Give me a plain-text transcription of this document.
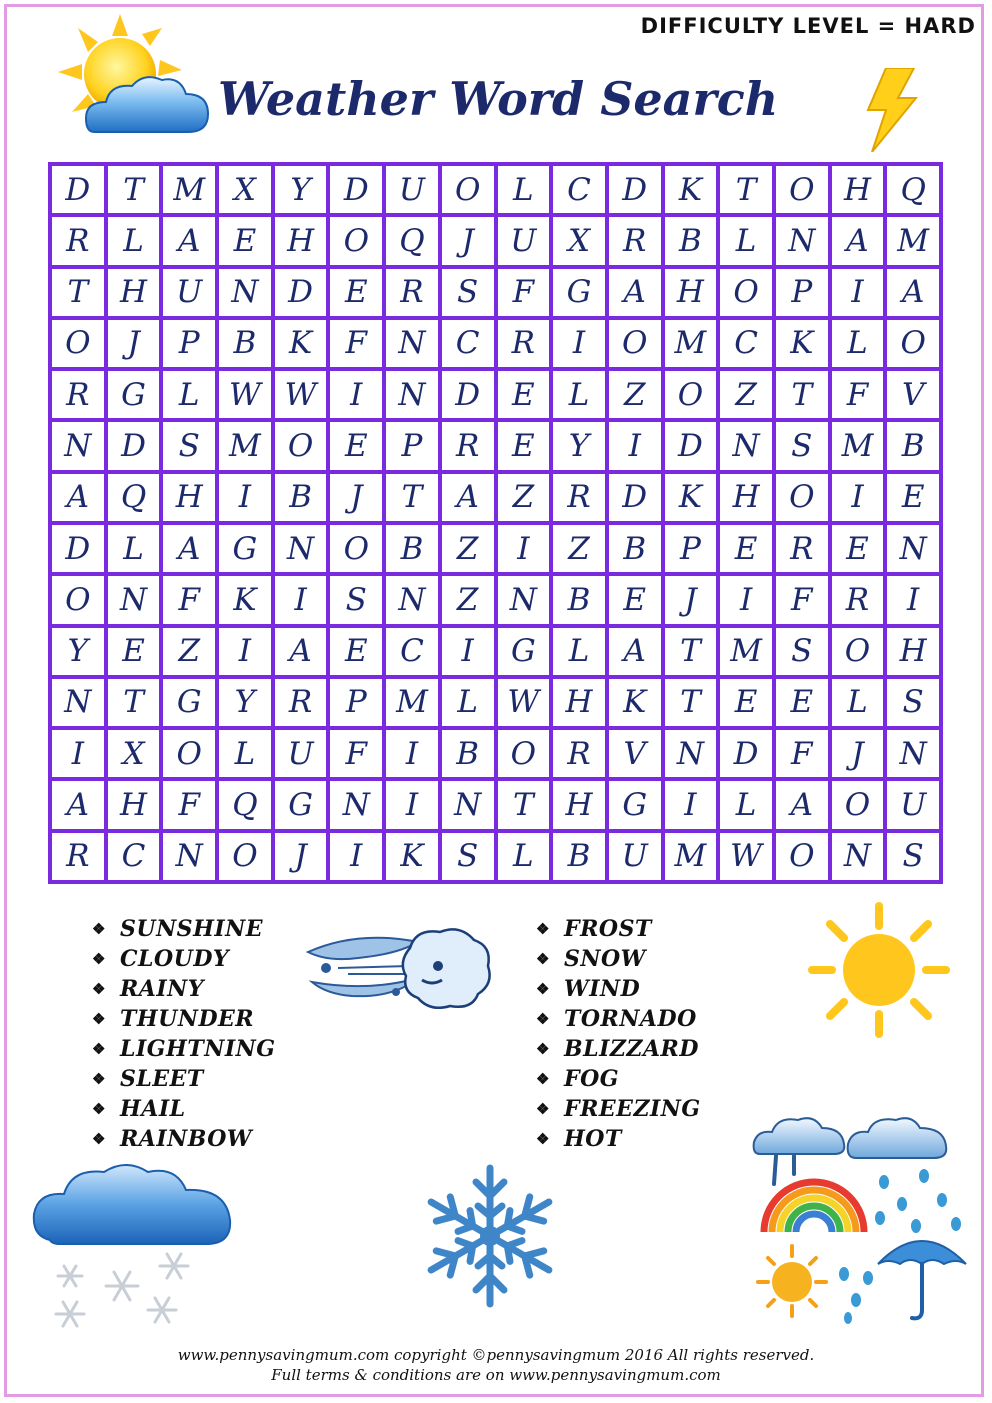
DIFFICULTY LEVEL = HARD
Weather Word Search
D	T M X	Y	D U O	L	C	D	K	T	O H Q
R	L	A	E H O Q	J	U	X	R	B	L	N A M
T	H U N D	E	R	S	F	G	A H O	P	I	A
O	J	P	B	K	F	N C	R	I	O M C	K	L	O
R	G	L W W	I	N D	E	L	Z	O	Z	T	F	V
N D	S M O	E	P	R	E	Y	I	D N	S M B
A	Q H	I	B	J	T	A	Z	R	D	K H O	I	E
D	L	A	G N O	B	Z	I	Z	B	P	E	R	E N
O N	F	K	I	S	N	Z	N B	E	J	I	F	R	I
Y	E	Z	I	A	E	C	I	G	L	A	T M S	O H
N	T	G	Y	R	P M L W H K	T	E	E	L	S
I	X	O	L	U	F	I	B	O	R	V N D	F	J	N
A H	F	Q G N	I	N	T	H G	I	L	A	O U
R	C N O	J	I	K	S	L	B	U M W O N	S
❖ SUNSHINE
❖ CLOUDY
❖ RAINY
❖ THUNDER
❖ LIGHTNING
❖ SLEET
❖ HAIL
❖ RAINBOW
❖ FROST
❖ SNOW
❖ WIND
❖ TORNADO
❖ BLIZZARD
❖ FOG
❖ FREEZING
❖ HOT
www.pennysavingmum.com copyright ©pennysavingmum 2016 All rights reserved.
Full terms & conditions are on www.pennysavingmum.com
